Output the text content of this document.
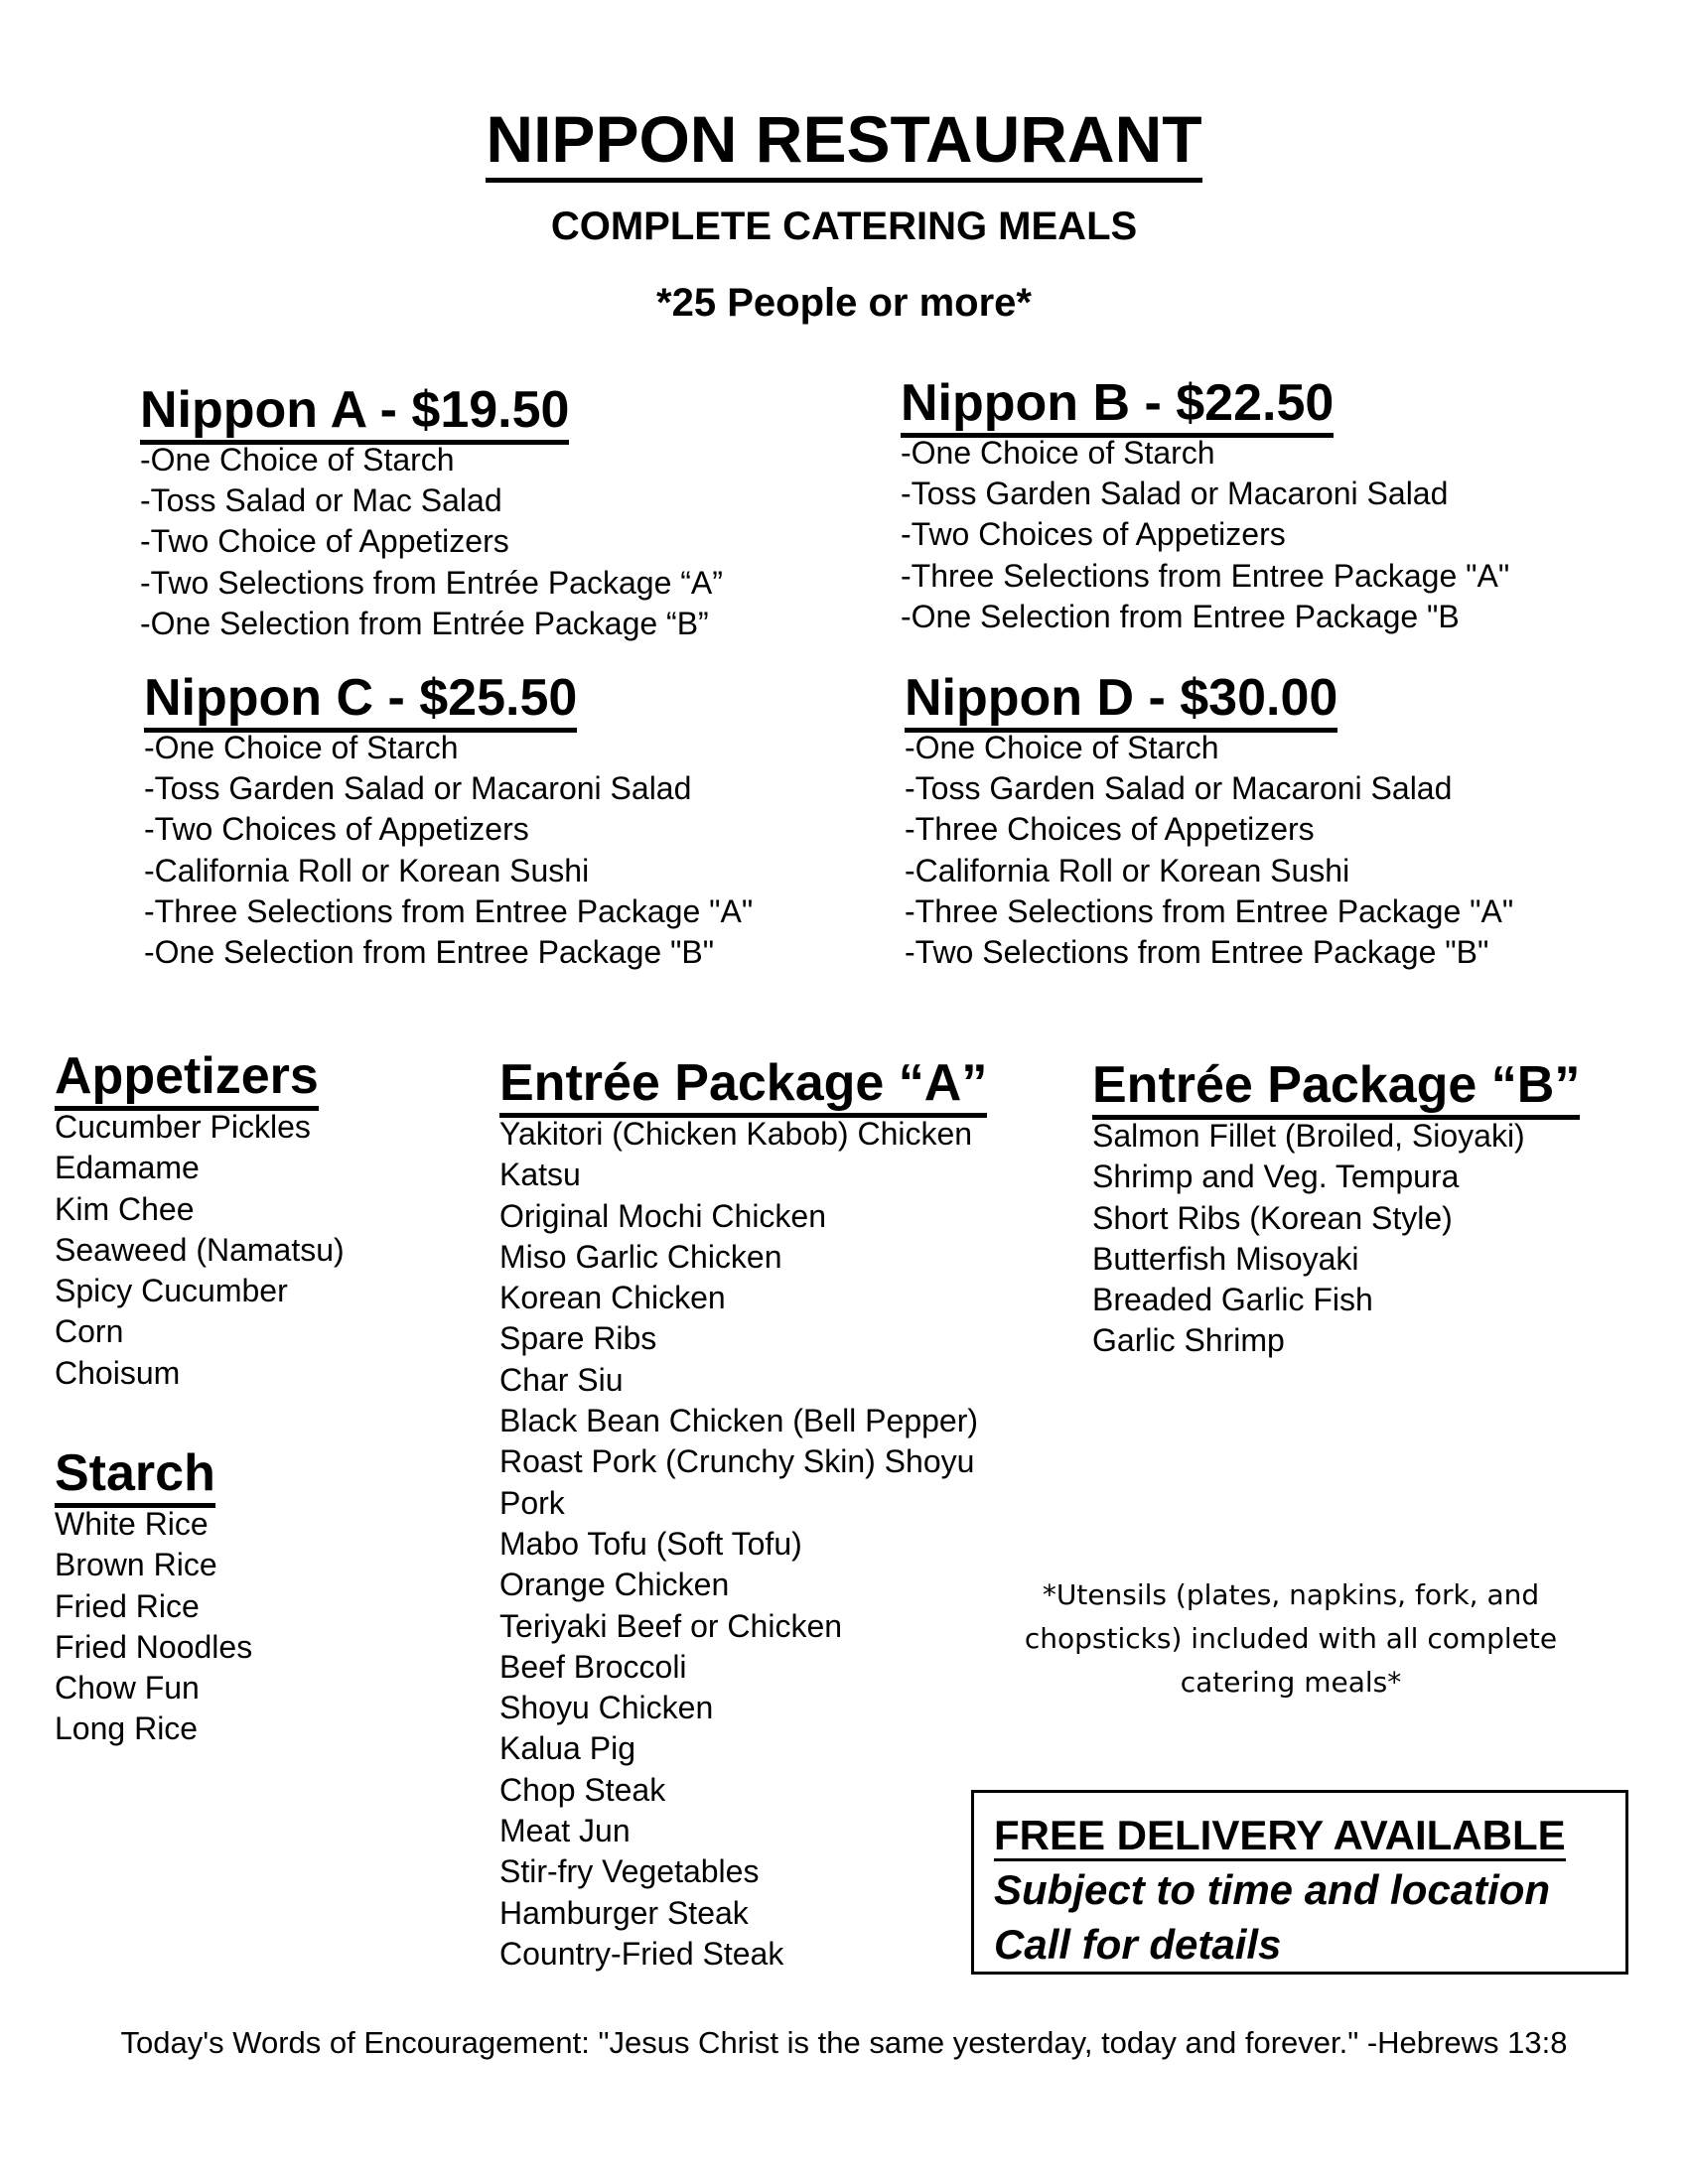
NIPPON RESTAURANT
COMPLETE CATERING MEALS
*25 People or more*
Nippon A - $19.50
-One Choice of Starch
-Toss Salad or Mac Salad
-Two Choice of Appetizers
-Two Selections from Entrée Package “A”
-One Selection from Entrée Package “B”
Nippon B - $22.50
-One Choice of Starch
-Toss Garden Salad or Macaroni Salad
-Two Choices of Appetizers
-Three Selections from Entree Package "A"
-One Selection from Entree Package "B
Nippon C - $25.50
-One Choice of Starch
-Toss Garden Salad or Macaroni Salad
-Two Choices of Appetizers
-California Roll or Korean Sushi
-Three Selections from Entree Package "A"
-One Selection from Entree Package "B"
Nippon D - $30.00
-One Choice of Starch
-Toss Garden Salad or Macaroni Salad
-Three Choices of Appetizers
-California Roll or Korean Sushi
-Three Selections from Entree Package "A"
-Two Selections from Entree Package "B"
Appetizers
Cucumber Pickles
Edamame
Kim Chee
Seaweed (Namatsu)
Spicy Cucumber
Corn
Choisum
Starch
White Rice
Brown Rice
Fried Rice
Fried Noodles
Chow Fun
Long Rice
Entrée Package “A”
Yakitori (Chicken Kabob) Chicken
Katsu
Original Mochi Chicken
Miso Garlic Chicken
Korean Chicken
Spare Ribs
Char Siu
Black Bean Chicken (Bell Pepper)
Roast Pork (Crunchy Skin) Shoyu
Pork
Mabo Tofu (Soft Tofu)
Orange Chicken
Teriyaki Beef or Chicken
Beef Broccoli
Shoyu Chicken
Kalua Pig
Chop Steak
Meat Jun
Stir-fry Vegetables
Hamburger Steak
Country-Fried Steak
Entrée Package “B”
Salmon Fillet (Broiled, Sioyaki)
Shrimp and Veg. Tempura
Short Ribs (Korean Style)
Butterfish Misoyaki
Breaded Garlic Fish
Garlic Shrimp
*Utensils (plates, napkins, fork, and
chopsticks) included with all complete
catering meals*
FREE DELIVERY AVAILABLE
Subject to time and location
Call for details
Today's Words of Encouragement: "Jesus Christ is the same yesterday, today and forever." -Hebrews 13:8
